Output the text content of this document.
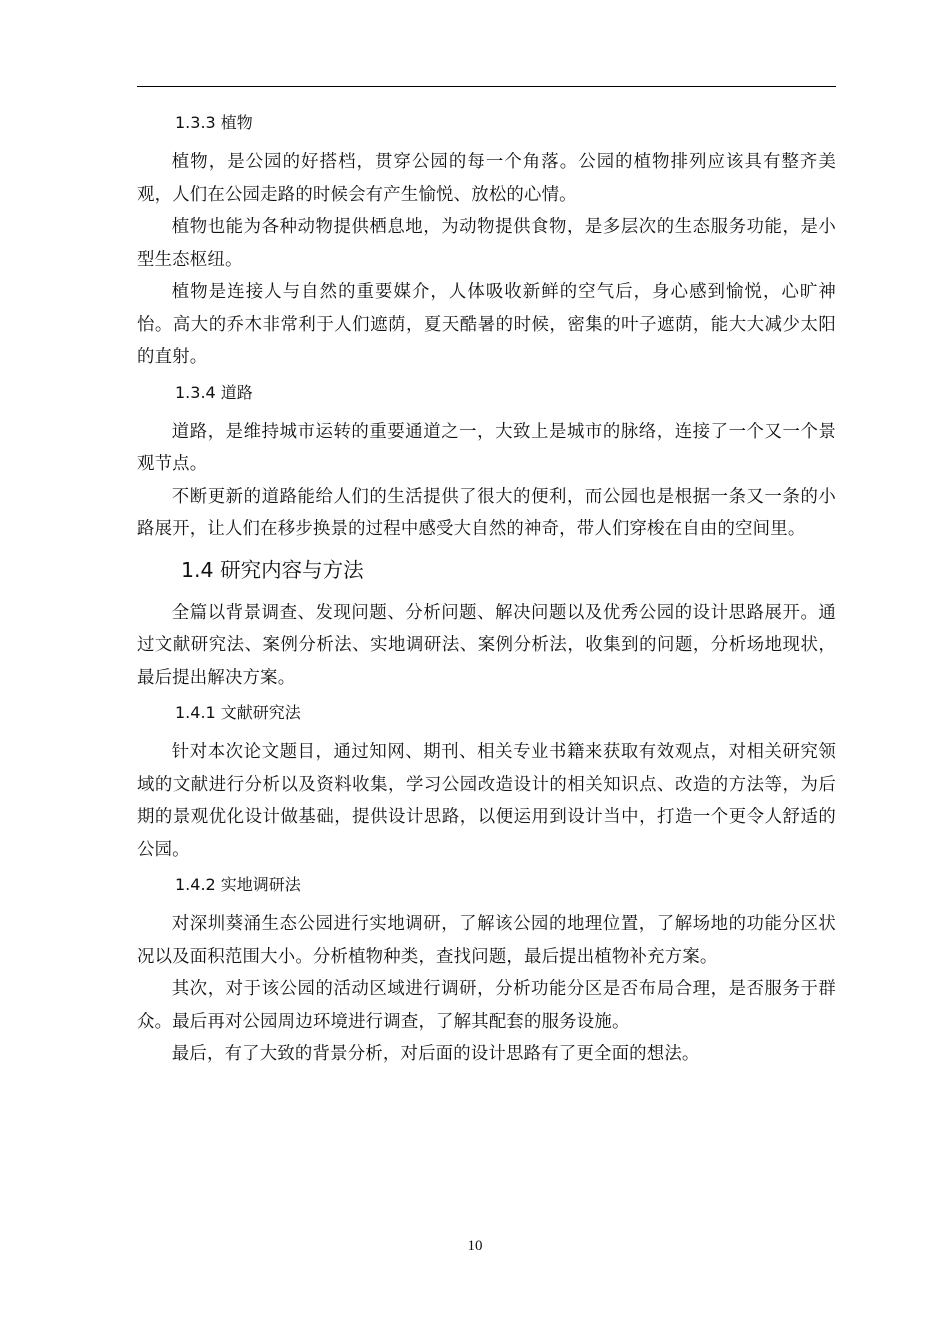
1.3.3 植物

植物，是公园的好搭档，贯穿公园的每一个角落。公园的植物排列应该具有整齐美观，人们在公园走路的时候会有产生愉悦、放松的心情。

植物也能为各种动物提供栖息地，为动物提供食物，是多层次的生态服务功能，是小型生态枢纽。

植物是连接人与自然的重要媒介，人体吸收新鲜的空气后，身心感到愉悦，心旷神怡。高大的乔木非常利于人们遮荫，夏天酷暑的时候，密集的叶子遮荫，能大大减少太阳的直射。

1.3.4 道路

道路，是维持城市运转的重要通道之一，大致上是城市的脉络，连接了一个又一个景观节点。

不断更新的道路能给人们的生活提供了很大的便利，而公园也是根据一条又一条的小路展开，让人们在移步换景的过程中感受大自然的神奇，带人们穿梭在自由的空间里。

1.4 研究内容与方法

全篇以背景调查、发现问题、分析问题、解决问题以及优秀公园的设计思路展开。通过文献研究法、案例分析法、实地调研法、案例分析法，收集到的问题，分析场地现状，最后提出解决方案。

1.4.1 文献研究法

针对本次论文题目，通过知网、期刊、相关专业书籍来获取有效观点，对相关研究领域的文献进行分析以及资料收集，学习公园改造设计的相关知识点、改造的方法等，为后期的景观优化设计做基础，提供设计思路，以便运用到设计当中，打造一个更令人舒适的公园。

1.4.2 实地调研法

对深圳葵涌生态公园进行实地调研，了解该公园的地理位置，了解场地的功能分区状况以及面积范围大小。分析植物种类，查找问题，最后提出植物补充方案。

其次，对于该公园的活动区域进行调研，分析功能分区是否布局合理，是否服务于群众。最后再对公园周边环境进行调查，了解其配套的服务设施。

最后，有了大致的背景分析，对后面的设计思路有了更全面的想法。

10
